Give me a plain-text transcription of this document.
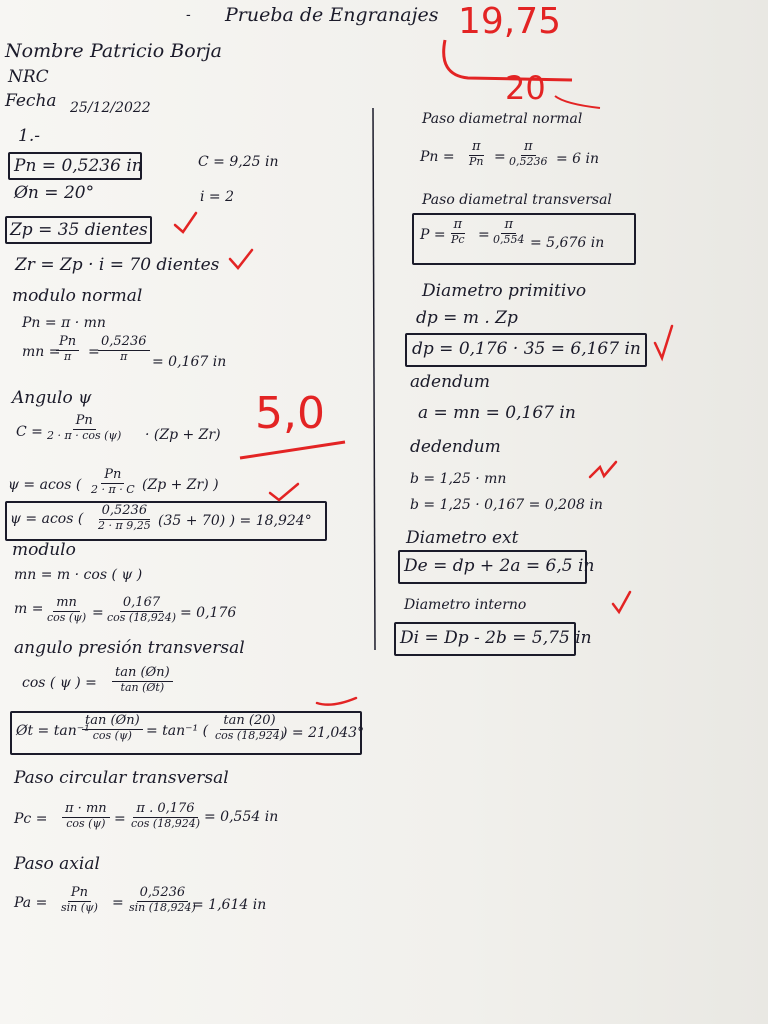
- Prueba de Engranajes
Nombre Patricio Borja
NRC
Fecha 25/12/2022
19,75
20
5,0
1.-
Pn = 0,5236 in
Øn = 20°
C = 9,25 in
i = 2
Zp = 35 dientes
Zr = Zp · i = 70 dientes
modulo normal
Pn = π · mn
mn =
Pn
π =
0,5236
π = 0,167 in
Angulo ψ
C =
Pn
2 · π · cos (ψ) · (Zp + Zr)
ψ = acos (
Pn
2 · π · C (Zp + Zr) )
ψ = acos (
0,5236
2 · π 9,25 (35 + 70) ) = 18,924°
modulo
mn = m · cos ( ψ )
m = mn
cos (ψ) =
0,167
cos (18,924) = 0,176
angulo presión transversal
cos ( ψ ) =
tan (Øn)
tan (Øt)
Øt = tan⁻¹
tan (Øn)
cos (ψ) = tan⁻¹ (
tan (20)
cos (18,924)
) = 21,043°
Paso circular transversal
Pc =
π · mn
cos (ψ) =
π . 0,176
cos (18,924) = 0,554 in
Paso axial
Pa =
Pn
sin (ψ) =
0,5236
sin (18,924)
= 1,614 in
Paso diametral normal
Pn =
π
Pn =
π
0,5236 = 6 in
Paso diametral transversal
P =
π
Pc =
π
0,554 = 5,676 in
Diametro primitivo
dp = m . Zp
dp = 0,176 · 35 = 6,167 in
adendum
a = mn = 0,167 in
dedendum
b = 1,25 · mn
b = 1,25 · 0,167 = 0,208 in
Diametro ext
De = dp + 2a = 6,5 in
Diametro interno
Di = Dp - 2b = 5,75 in
